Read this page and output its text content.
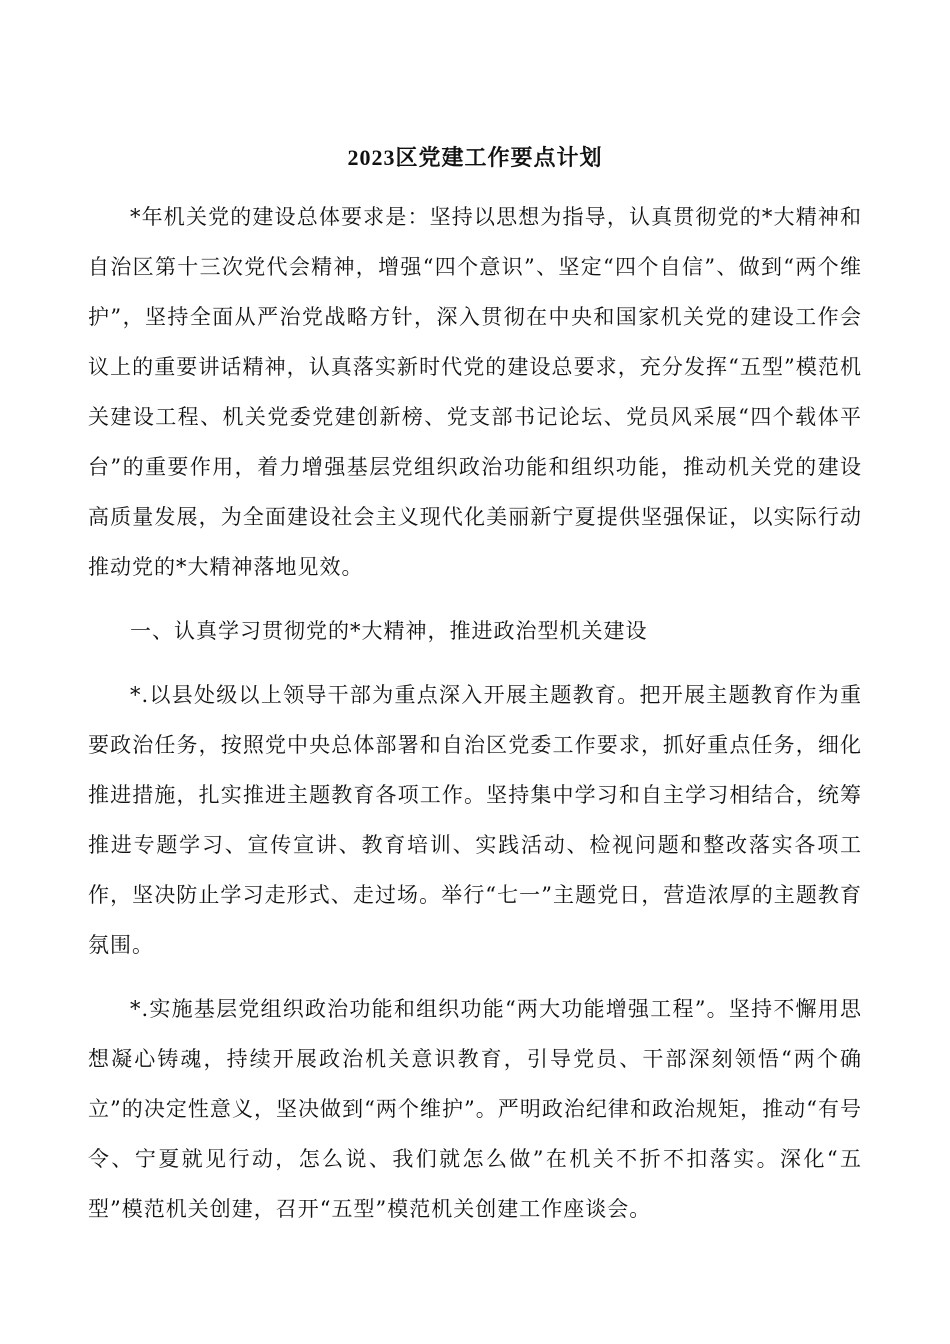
2023区党建工作要点计划

*年机关党的建设总体要求是：坚持以思想为指导，认真贯彻党的*大精神和自治区第十三次党代会精神，增强“四个意识”、坚定“四个自信”、做到“两个维护”，坚持全面从严治党战略方针，深入贯彻在中央和国家机关党的建设工作会议上的重要讲话精神，认真落实新时代党的建设总要求，充分发挥“五型”模范机关建设工程、机关党委党建创新榜、党支部书记论坛、党员风采展“四个载体平台”的重要作用，着力增强基层党组织政治功能和组织功能，推动机关党的建设高质量发展，为全面建设社会主义现代化美丽新宁夏提供坚强保证，以实际行动推动党的*大精神落地见效。

一、认真学习贯彻党的*大精神，推进政治型机关建设

*.以县处级以上领导干部为重点深入开展主题教育。把开展主题教育作为重要政治任务，按照党中央总体部署和自治区党委工作要求，抓好重点任务，细化推进措施，扎实推进主题教育各项工作。坚持集中学习和自主学习相结合，统筹推进专题学习、宣传宣讲、教育培训、实践活动、检视问题和整改落实各项工作，坚决防止学习走形式、走过场。举行“七一”主题党日，营造浓厚的主题教育氛围。

*.实施基层党组织政治功能和组织功能“两大功能增强工程”。坚持不懈用思想凝心铸魂，持续开展政治机关意识教育，引导党员、干部深刻领悟“两个确立”的决定性意义，坚决做到“两个维护”。严明政治纪律和政治规矩，推动“有号令、宁夏就见行动，怎么说、我们就怎么做”在机关不折不扣落实。深化“五型”模范机关创建，召开“五型”模范机关创建工作座谈会。
